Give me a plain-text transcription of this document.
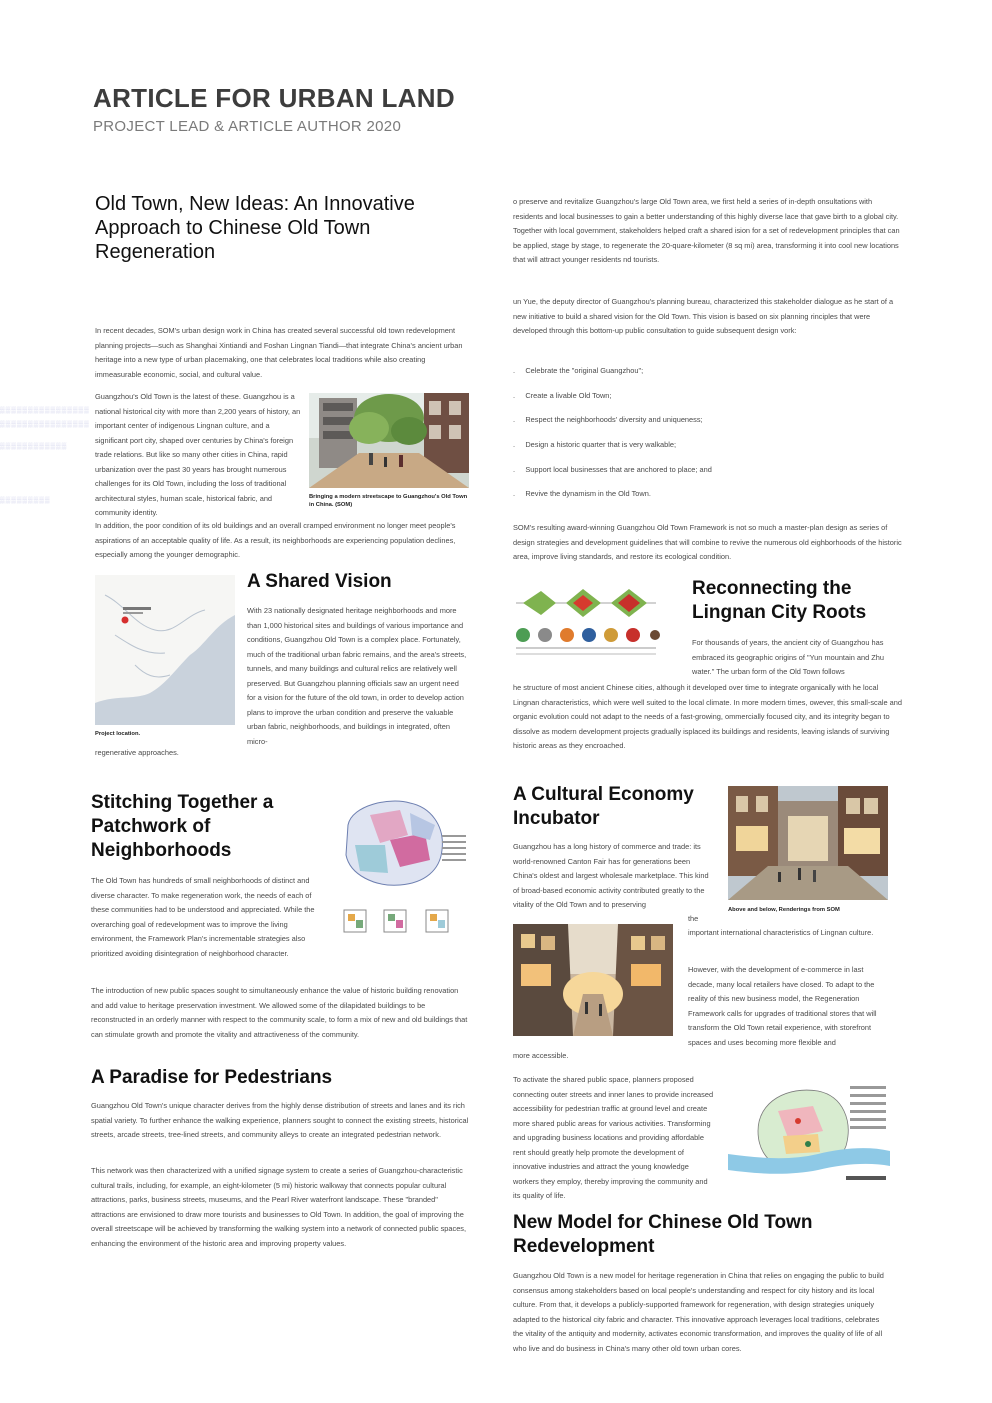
ARTICLE FOR URBAN LAND
PROJECT LEAD & ARTICLE AUTHOR 2020
▒▒▒▒▒▒▒▒▒▒▒▒▒▒▒▒
▒▒▒▒▒▒▒▒▒▒▒▒▒▒▒▒
▒▒▒▒▒▒▒▒▒▒▒▒
▒▒▒▒▒▒▒▒▒
Old Town, New Ideas: An Innovative Approach to Chinese Old Town Regeneration

In recent decades, SOM's urban design work in China has created several successful old town redevelopment planning projects—such as Shanghai Xintiandi and Foshan Lingnan Tiandi—that integrate China's ancient urban heritage into a new type of urban placemaking, one that celebrates local traditions while also creating immeasurable economic, social, and cultural value.

Guangzhou's Old Town is the latest of these. Guangzhou is a national historical city with more than 2,200 years of history, an important center of indigenous Lingnan culture, and a significant port city, shaped over centuries by China's foreign trade relations. But like so many other cities in China, rapid urbanization over the past 30 years has brought numerous challenges for its Old Town, including the loss of traditional architectural styles, human scale, historical fabric, and community identity.

In addition, the poor condition of its old buildings and an overall cramped environment no longer meet people's aspirations of an acceptable quality of life. As a result, its neighborhoods are experiencing population declines, especially among the younger demographic.

Bringing a modern streetscape to Guangzhou's Old Town in China. (SOM)
Project location.
A Shared Vision

With 23 nationally designated heritage neighborhoods and more than 1,000 historical sites and buildings of various importance and conditions, Guangzhou Old Town is a complex place. Fortunately, much of the traditional urban fabric remains, and the area's streets, tunnels, and many buildings and cultural relics are relatively well preserved. But Guangzhou planning officials saw an urgent need for a vision for the future of the old town, in order to develop action plans to improve the urban condition and preserve the valuable urban fabric, neighborhoods, and buildings in integrated, often micro-

regenerative approaches.

Stitching Together a Patchwork of Neighborhoods

The Old Town has hundreds of small neighborhoods of distinct and diverse character. To make regeneration work, the needs of each of these communities had to be understood and appreciated. While the overarching goal of redevelopment was to improve the living environment, the Framework Plan's incrementable strategies also prioritized avoiding disintegration of neighborhood character.

The introduction of new public spaces sought to simultaneously enhance the value of historic building renovation and add value to heritage preservation investment. We allowed some of the dilapidated buildings to be reconstructed in an orderly manner with respect to the community scale, to form a mix of new and old buildings that can stimulate growth and promote the vitality and attractiveness of the community.

A Paradise for Pedestrians

Guangzhou Old Town's unique character derives from the highly dense distribution of streets and lanes and its rich spatial variety. To further enhance the walking experience, planners sought to connect the existing streets, historical streets, arcade streets, tree-lined streets, and community alleys to create an integrated pedestrian network.

This network was then characterized with a unified signage system to create a series of Guangzhou-characteristic cultural trails, including, for example, an eight-kilometer (5 mi) historic walkway that connects popular cultural attractions, parks, business streets, museums, and the Pearl River waterfront landscape. These "branded" attractions are envisioned to draw more tourists and businesses to Old Town. In addition, the goal of improving the overall streetscape will be achieved by transforming the walking system into a network of connected public spaces, enhancing the environment of the historic area and improving property values.

o preserve and revitalize Guangzhou's large Old Town area, we first held a series of in-depth onsultations with residents and local businesses to gain a better understanding of this highly diverse lace that gave birth to a global city. Together with local government, stakeholders helped craft a shared ision for a set of redevelopment principles that can be applied, stage by stage, to regenerate the 20-quare-kilometer (8 sq mi) area, transforming it into cool new locations that will attract younger residents nd tourists.

un Yue, the deputy director of Guangzhou's planning bureau, characterized this stakeholder dialogue as he start of a new initiative to build a shared vision for the Old Town. This vision is based on six planning rinciples that were developed through this bottom-up public consultation to guide subsequent design vork:

.     Celebrate the "original Guangzhou";
.     Create a livable Old Town;
.     Respect the neighborhoods' diversity and uniqueness;
.     Design a historic quarter that is very walkable;
.     Support local businesses that are anchored to place; and
.     Revive the dynamism in the Old Town.

SOM's resulting award-winning Guangzhou Old Town Framework is not so much a master-plan design as series of design strategies and development guidelines that will combine to revive the numerous old eighborhoods of the historic area, improve living standards, and restore its ecological condition.

Reconnecting the Lingnan City Roots

For thousands of years, the ancient city of Guangzhou has embraced its geographic origins of "Yun mountain and Zhu water." The urban form of the Old Town follows

he structure of most ancient Chinese cities, although it developed over time to integrate organically with he local Lingnan characteristics, which were well suited to the local climate. In more modern times, owever, this small-scale and organic evolution could not adapt to the needs of a fast-growing, ommercially focused city, and its integrity began to dissolve as modern development projects gradually isplaced its buildings and residents, leaving islands of surviving historic areas as they encroached.

A Cultural Economy Incubator

Guangzhou has a long history of commerce and trade: its world-renowned Canton Fair has for generations been China's oldest and largest wholesale marketplace. This kind of broad-based economic activity contributed greatly to the vitality of the Old Town and to preserving

Above and below, Renderings from SOM

the

important international characteristics of Lingnan culture.

However, with the development of e-commerce in last decade, many local retailers have closed. To adapt to the reality of this new business model, the Regeneration Framework calls for upgrades of traditional stores that will transform the Old Town retail experience, with storefront spaces and uses becoming more flexible and

more accessible.

To activate the shared public space, planners proposed connecting outer streets and inner lanes to provide increased accessibility for pedestrian traffic at ground level and create more shared public areas for various activities. Transforming and upgrading business locations and providing affordable rent should greatly help promote the development of innovative industries and attract the young knowledge workers they employ, thereby improving the community and its quality of life.

New Model for Chinese Old Town Redevelopment

Guangzhou Old Town is a new model for heritage regeneration in China that relies on engaging the public to build consensus among stakeholders based on local people's understanding and respect for city history and its local culture. From that, it develops a publicly-supported framework for regeneration, with design strategies uniquely adapted to the historical city fabric and character. This innovative approach leverages local traditions, celebrates the vitality of the antiquity and modernity, activates economic transformation, and improves the quality of life of all who live and do business in China's many other old town urban cores.
